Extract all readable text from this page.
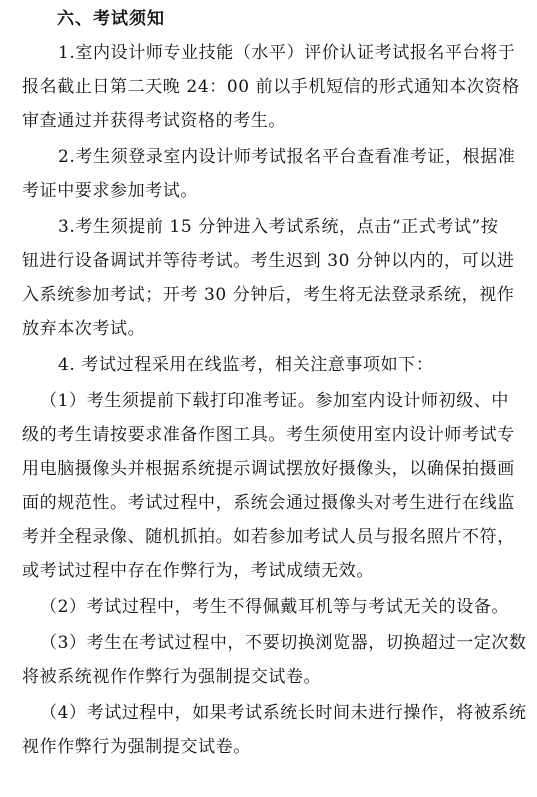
六、考试须知
1.室内设计师专业技能（水平）评价认证考试报名平台将于
报名截止日第二天晚 24：00 前以手机短信的形式通知本次资格
审查通过并获得考试资格的考生。
2.考生须登录室内设计师考试报名平台查看准考证，根据准
考证中要求参加考试。
3.考生须提前 15 分钟进入考试系统，点击“正式考试”按
钮进行设备调试并等待考试。考生迟到 30 分钟以内的，可以进
入系统参加考试；开考 30 分钟后，考生将无法登录系统，视作
放弃本次考试。
4. 考试过程采用在线监考，相关注意事项如下：
（1）考生须提前下载打印准考证。参加室内设计师初级、中
级的考生请按要求准备作图工具。考生须使用室内设计师考试专
用电脑摄像头并根据系统提示调试摆放好摄像头，以确保拍摄画
面的规范性。考试过程中，系统会通过摄像头对考生进行在线监
考并全程录像、随机抓拍。如若参加考试人员与报名照片不符，
或考试过程中存在作弊行为，考试成绩无效。
（2）考试过程中，考生不得佩戴耳机等与考试无关的设备。
（3）考生在考试过程中，不要切换浏览器，切换超过一定次数
将被系统视作作弊行为强制提交试卷。
（4）考试过程中，如果考试系统长时间未进行操作，将被系统
视作作弊行为强制提交试卷。
